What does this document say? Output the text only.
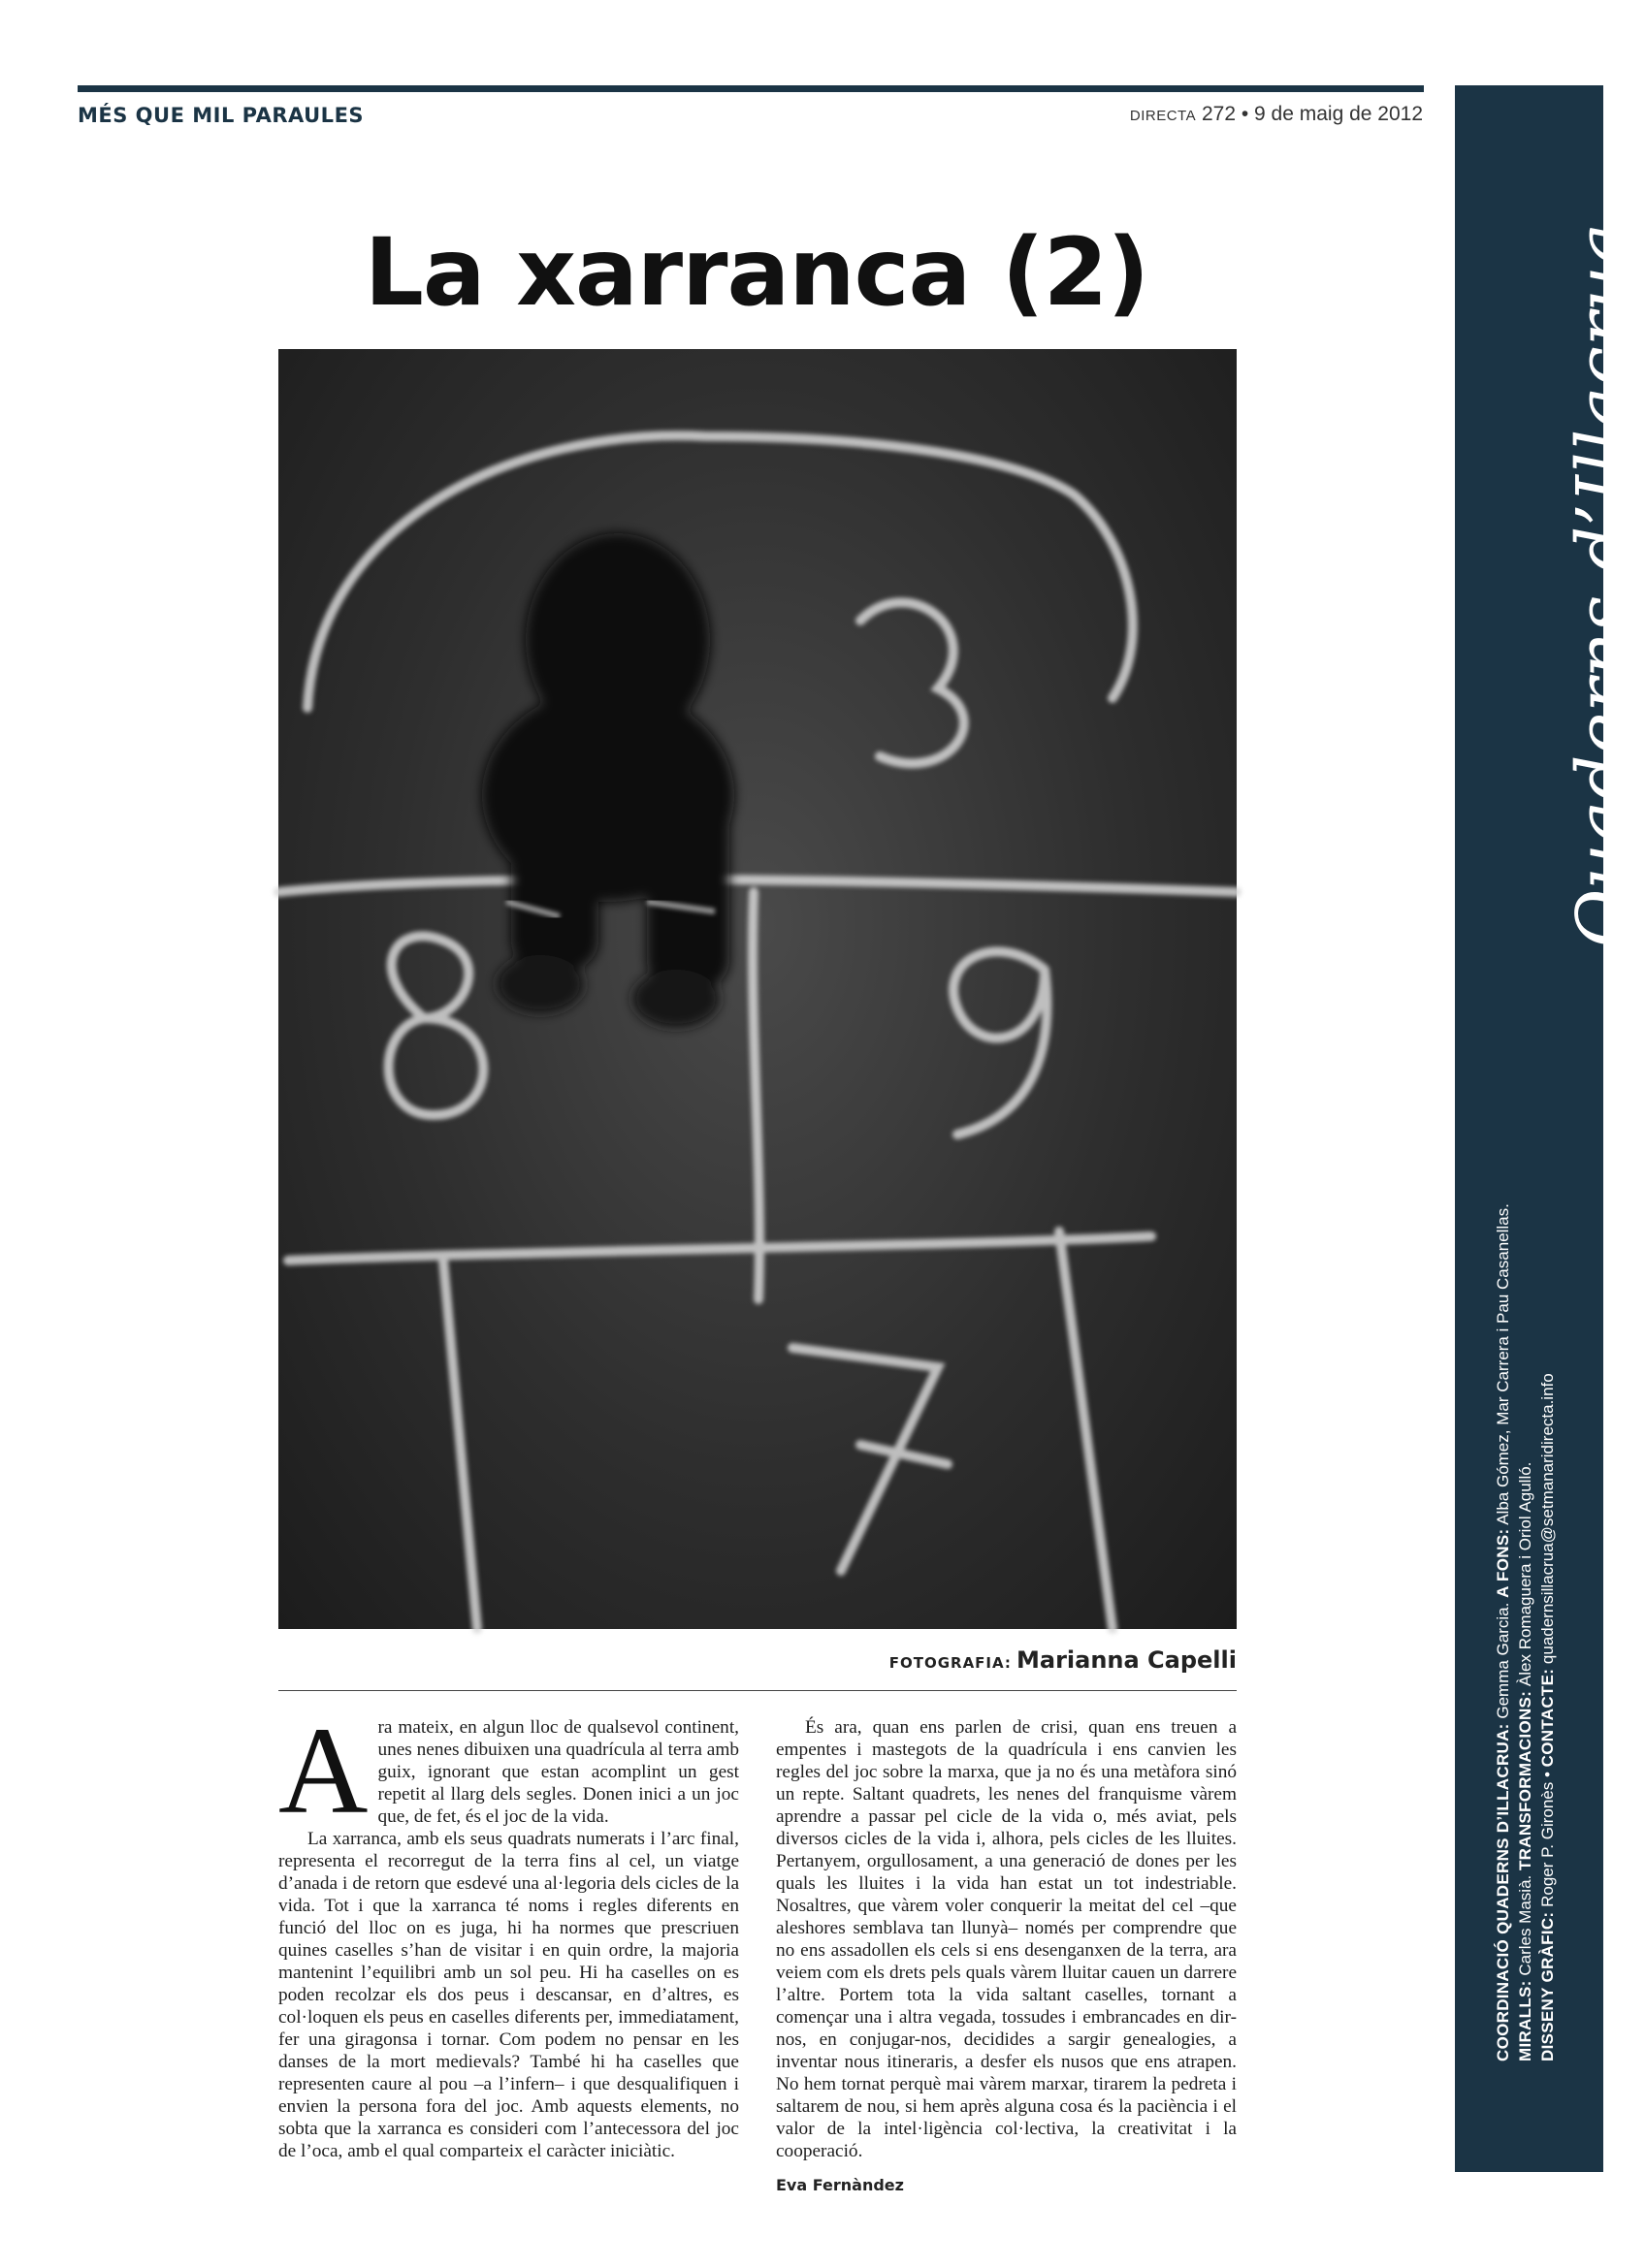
MÉS QUE MIL PARAULES	DIRECTA 272 • 9 de maig de 2012
Quaderns d’Illacrua
COORDINACIÓ QUADERNS D’ILLACRUA: Gemma Garcia. A FONS: Alba Gómez, Mar Carrera i Pau Casanellas.
MIRALLS: Carles Masià. TRANSFORMACIONS: Àlex Romaguera i Oriol Agulló.
DISSENY GRÀFIC: Roger P. Gironès • CONTACTE: quadernsillacrua@setmanaridirecta.info
La xarranca (2)
FOTOGRAFIA: Marianna Capelli
A ra mateix, en algun lloc de qualsevol continent, unes nenes dibuixen una quadrícula al terra amb guix, ignorant que estan acomplint un gest repetit al llarg dels segles. Donen inici a un joc que, de fet, és el joc de la vida.

La xarranca, amb els seus quadrats numerats i l’arc final, representa el recorregut de la terra fins al cel, un viatge d’anada i de retorn que esdevé una al·legoria dels cicles de la vida. Tot i que la xarranca té noms i regles diferents en funció del lloc on es juga, hi ha normes que prescriuen quines caselles s’han de visitar i en quin ordre, la majoria mantenint l’equilibri amb un sol peu. Hi ha caselles on es poden recolzar els dos peus i descansar, en d’altres, es col·loquen els peus en caselles diferents per, immediatament, fer una giragonsa i tornar. Com podem no pensar en les danses de la mort medievals? També hi ha caselles que representen caure al pou –a l’infern– i que desqualifiquen i envien la persona fora del joc. Amb aquests elements, no sobta que la xarranca es consideri com l’antecessora del joc de l’oca, amb el qual comparteix el caràcter iniciàtic.

És ara, quan ens parlen de crisi, quan ens treuen a empentes i mastegots de la quadrícula i ens canvien les regles del joc sobre la marxa, que ja no és una metàfora sinó un repte. Saltant quadrets, les nenes del franquisme vàrem aprendre a passar pel cicle de la vida o, més aviat, pels diversos cicles de la vida i, alhora, pels cicles de les lluites. Pertanyem, orgullosament, a una generació de dones per les quals les lluites i la vida han estat un tot indestriable. Nosaltres, que vàrem voler conquerir la meitat del cel –que aleshores semblava tan llunyà– només per comprendre que no ens assadollen els cels si ens desenganxen de la terra, ara veiem com els drets pels quals vàrem lluitar cauen un darrere l’altre. Portem tota la vida saltant caselles, tornant a començar una i altra vegada, tossudes i embrancades en dir-nos, en conjugar-nos, decidides a sargir genealogies, a inventar nous itineraris, a desfer els nusos que ens atrapen. No hem tornat perquè mai vàrem marxar, tirarem la pedreta i saltarem de nou, si hem après alguna cosa és la paciència i el valor de la intel·ligència col·lectiva, la creativitat i la cooperació.

Eva Fernàndez
